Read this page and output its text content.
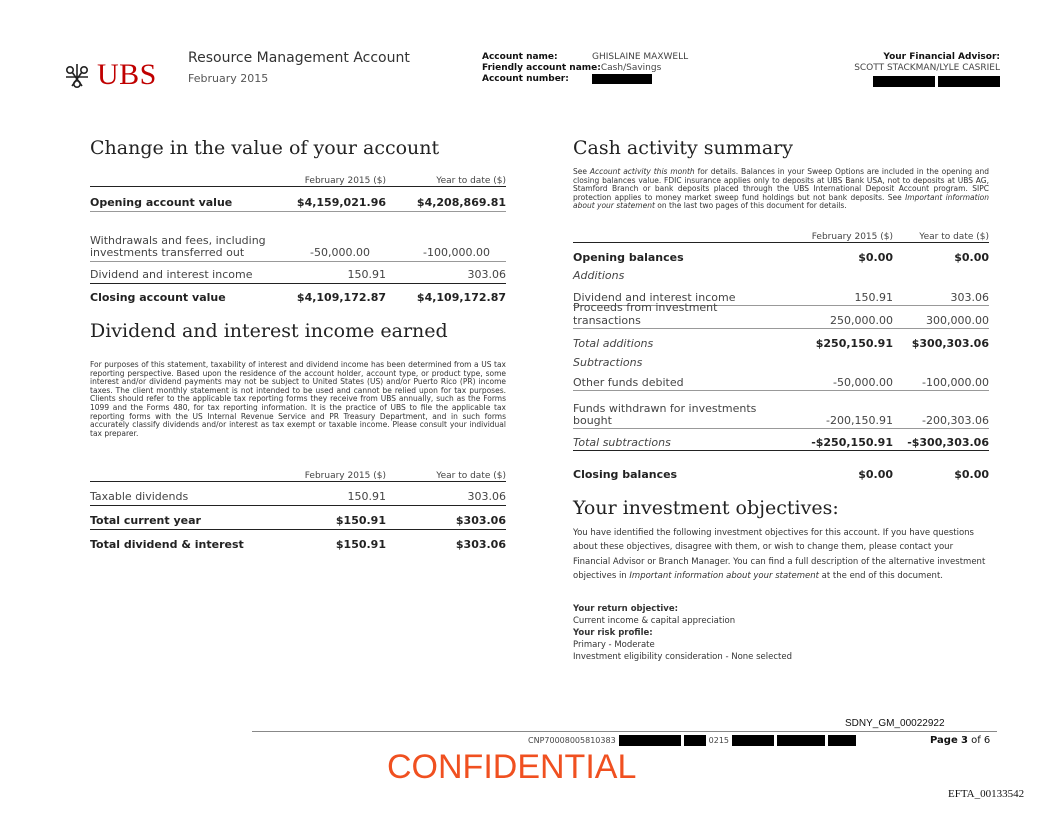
UBS Resource Management Account
February 2015
Account name:	GHISLAINE MAXWELL
Friendly account name: Cash/Savings
Account number:
Your Financial Advisor:
SCOTT STACKMAN/LYLE CASRIEL
Change in the value of your account
February 2015 ($)	Year to date ($)
Opening account value	$4,159,021.96	$4,208,869.81
Withdrawals and fees, including investments transferred out	-50,000.00	-100,000.00
Dividend and interest income	150.91	303.06
Closing account value	$4,109,172.87	$4,109,172.87
Dividend and interest income earned
For purposes of this statement, taxability of interest and dividend income has been determined from a US tax reporting perspective. Based upon the residence of the account holder, account type, or product type, some interest and/or dividend payments may not be subject to United States (US) and/or Puerto Rico (PR) income taxes. The client monthly statement is not intended to be used and cannot be relied upon for tax purposes. Clients should refer to the applicable tax reporting forms they receive from UBS annually, such as the Forms 1099 and the Forms 480, for tax reporting information. It is the practice of UBS to file the applicable tax reporting forms with the US Internal Revenue Service and PR Treasury Department, and in such forms accurately classify dividends and/or interest as tax exempt or taxable income. Please consult your individual tax preparer.
February 2015 ($)	Year to date ($)
Taxable dividends	150.91	303.06
Total current year	$150.91	$303.06
Total dividend & interest	$150.91	$303.06
Cash activity summary
See Account activity this month for details. Balances in your Sweep Options are included in the opening and closing balances value. FDIC insurance applies only to deposits at UBS Bank USA, not to deposits at UBS AG, Stamford Branch or bank deposits placed through the UBS International Deposit Account program. SIPC protection applies to money market sweep fund holdings but not bank deposits. See Important information about your statement on the last two pages of this document for details.
February 2015 ($)	Year to date ($)
Opening balances	$0.00	$0.00
Additions
Dividend and interest income	150.91	303.06
Proceeds from investment transactions	250,000.00	300,000.00
Total additions	$250,150.91	$300,303.06
Subtractions
Other funds debited	-50,000.00	-100,000.00
Funds withdrawn for investments bought	-200,150.91	-200,303.06
Total subtractions	-$250,150.91	-$300,303.06
Closing balances	$0.00	$0.00
Your investment objectives:
You have identified the following investment objectives for this account. If you have questions about these objectives, disagree with them, or wish to change them, please contact your Financial Advisor or Branch Manager. You can find a full description of the alternative investment objectives in Important information about your statement at the end of this document.
Your return objective:
Current income & capital appreciation
Your risk profile:
Primary - Moderate
Investment eligibility consideration - None selected
SDNY_GM_00022922
CNP70008005810383	0215	Page 3 of 6
CONFIDENTIAL
EFTA_00133542
